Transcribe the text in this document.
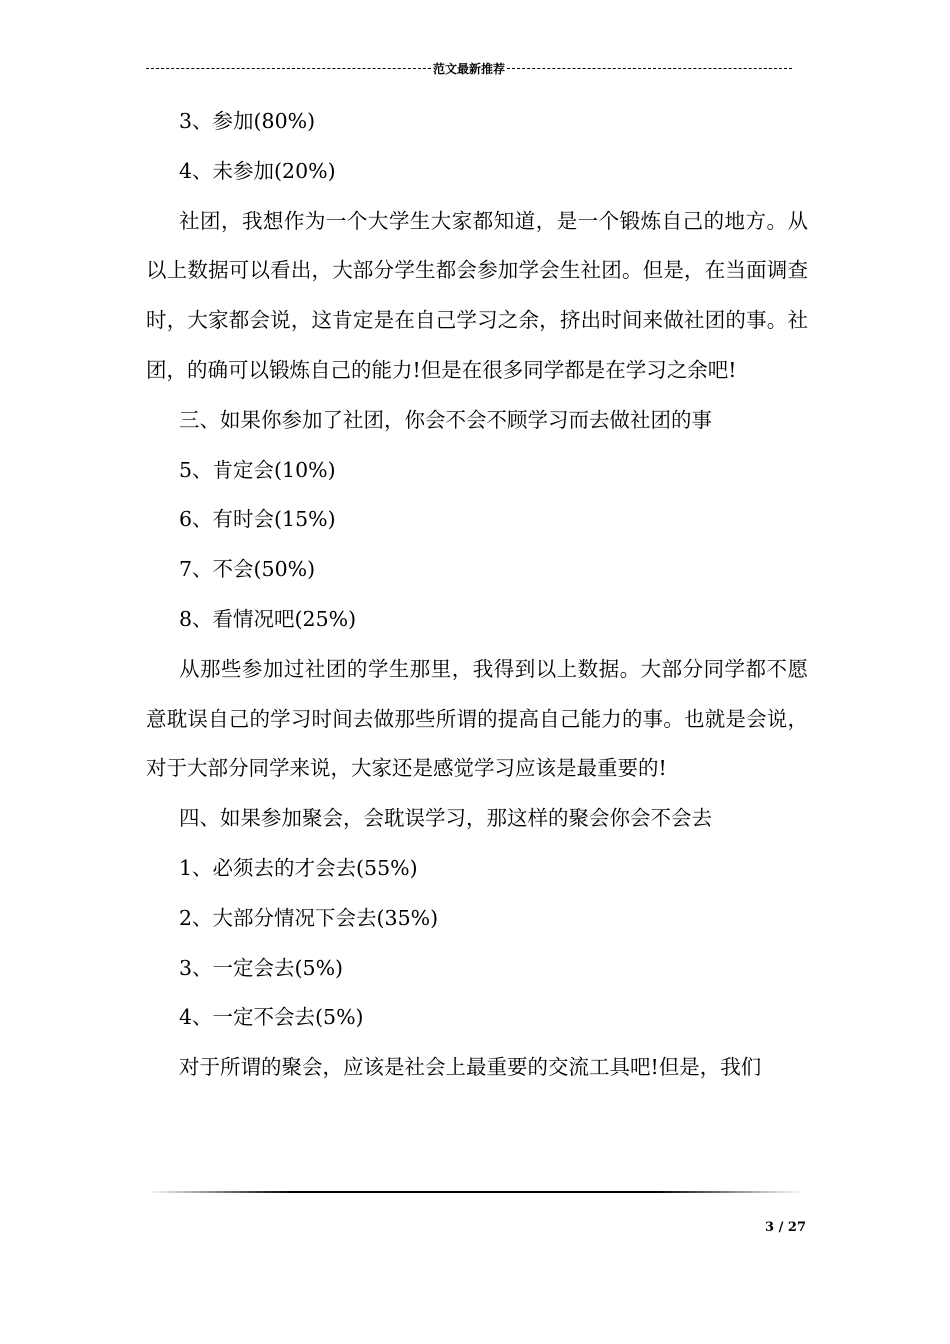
范文最新推荐

3、参加(80%)

4、未参加(20%)

社团，我想作为一个大学生大家都知道，是一个锻炼自己的地方。从以上数据可以看出，大部分学生都会参加学会生社团。但是，在当面调查时，大家都会说，这肯定是在自己学习之余，挤出时间来做社团的事。社团，的确可以锻炼自己的能力!但是在很多同学都是在学习之余吧!

三、如果你参加了社团，你会不会不顾学习而去做社团的事

5、肯定会(10%)

6、有时会(15%)

7、不会(50%)

8、看情况吧(25%)

从那些参加过社团的学生那里，我得到以上数据。大部分同学都不愿意耽误自己的学习时间去做那些所谓的提高自己能力的事。也就是会说，对于大部分同学来说，大家还是感觉学习应该是最重要的!

四、如果参加聚会，会耽误学习，那这样的聚会你会不会去

1、必须去的才会去(55%)

2、大部分情况下会去(35%)

3、一定会去(5%)

4、一定不会去(5%)

对于所谓的聚会，应该是社会上最重要的交流工具吧!但是，我们

3 / 27
